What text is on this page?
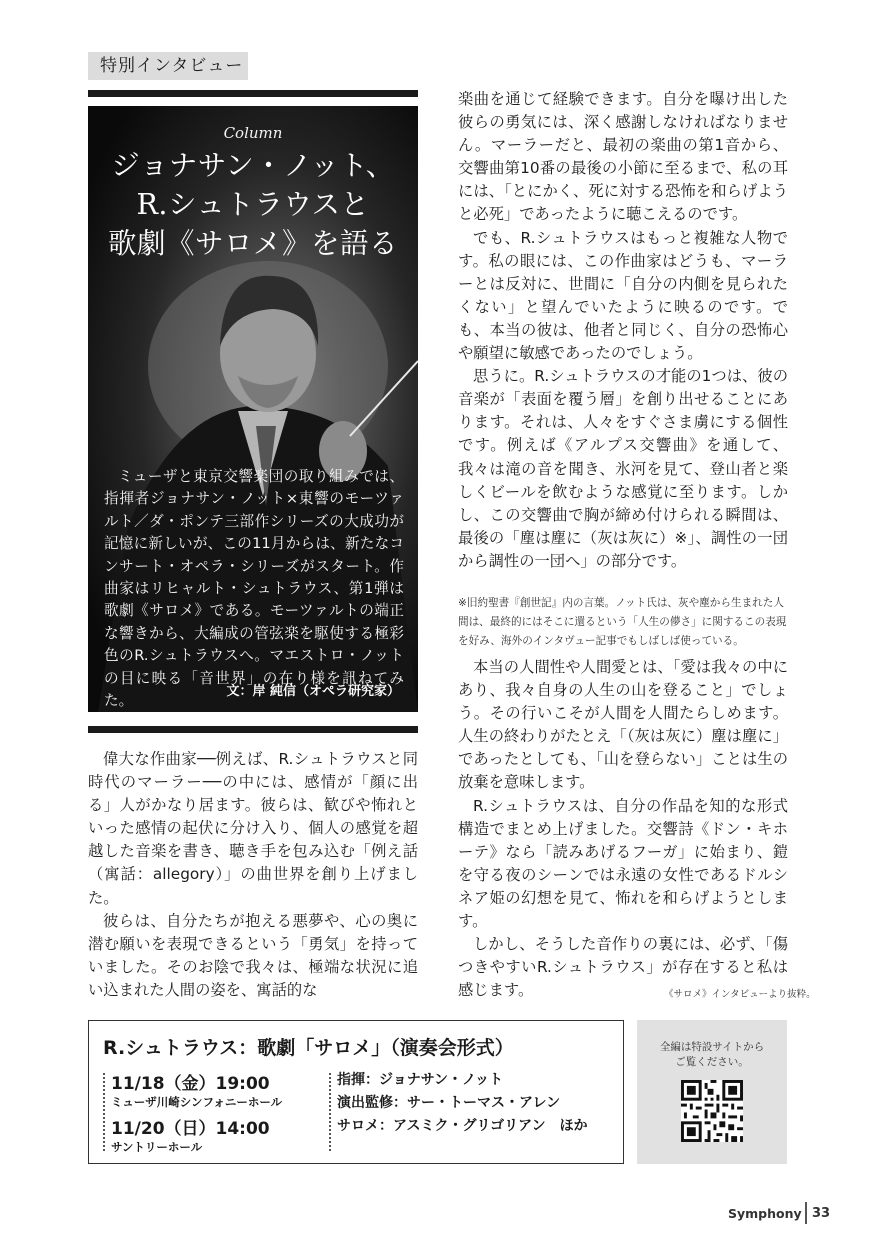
特別インタビュー
Column
ジョナサン・ノット、
R.シュトラウスと
歌劇《サロメ》を語る
ミューザと東京交響楽団の取り組みでは、指揮者ジョナサン・ノット×東響のモーツァルト／ダ・ポンテ三部作シリーズの大成功が記憶に新しいが、この11月からは、新たなコンサート・オペラ・シリーズがスタート。作曲家はリヒャルト・シュトラウス、第1弾は歌劇《サロメ》である。モーツァルトの端正な響きから、大編成の管弦楽を駆使する極彩色のR.シュトラウスへ。マエストロ・ノットの目に映る「音世界」の在り様を訊ねてみた。
文：岸 純信（オペラ研究家）

偉大な作曲家──例えば、R.シュトラウスと同時代のマーラー──の中には、感情が「顔に出る」人がかなり居ます。彼らは、歓びや怖れといった感情の起伏に分け入り、個人の感覚を超越した音楽を書き、聴き手を包み込む「例え話（寓話：allegory）」の曲世界を創り上げました。

彼らは、自分たちが抱える悪夢や、心の奥に潜む願いを表現できるという「勇気」を持っていました。そのお陰で我々は、極端な状況に追い込まれた人間の姿を、寓話的な

楽曲を通じて経験できます。自分を曝け出した彼らの勇気には、深く感謝しなければなりません。マーラーだと、最初の楽曲の第1音から、交響曲第10番の最後の小節に至るまで、私の耳には、「とにかく、死に対する恐怖を和らげようと必死」であったように聴こえるのです。

でも、R.シュトラウスはもっと複雑な人物です。私の眼には、この作曲家はどうも、マーラーとは反対に、世間に「自分の内側を見られたくない」と望んでいたように映るのです。でも、本当の彼は、他者と同じく、自分の恐怖心や願望に敏感であったのでしょう。

思うに。R.シュトラウスの才能の1つは、彼の音楽が「表面を覆う層」を創り出せることにあります。それは、人々をすぐさま虜にする個性です。例えば《アルプス交響曲》を通して、我々は滝の音を聞き、氷河を見て、登山者と楽しくビールを飲むような感覚に至ります。しかし、この交響曲で胸が締め付けられる瞬間は、最後の「塵は塵に（灰は灰に）※」、調性の一団から調性の一団へ」の部分です。

※旧約聖書『創世記』内の言葉。ノット氏は、灰や塵から生まれた人間は、最終的にはそこに還るという「人生の儚さ」に関するこの表現を好み、海外のインタヴュー記事でもしばしば使っている。

本当の人間性や人間愛とは、「愛は我々の中にあり、我々自身の人生の山を登ること」でしょう。その行いこそが人間を人間たらしめます。人生の終わりがたとえ「（灰は灰に）塵は塵に」であったとしても、「山を登らない」ことは生の放棄を意味します。

R.シュトラウスは、自分の作品を知的な形式構造でまとめ上げました。交響詩《ドン・キホーテ》なら「読みあげるフーガ」に始まり、鎧を守る夜のシーンでは永遠の女性であるドルシネア姫の幻想を見て、怖れを和らげようとします。

しかし、そうした音作りの裏には、必ず、「傷つきやすいR.シュトラウス」が存在すると私は感じます。	《サロメ》インタビューより抜粋。
R.シュトラウス：歌劇「サロメ」（演奏会形式）
11/18（金）19:00
ミューザ川崎シンフォニーホール
11/20（日）14:00
サントリーホール
指揮：ジョナサン・ノット
演出監修：サー・トーマス・アレン
サロメ：アスミク・グリゴリアン　ほか
全編は特設サイトから
ご覧ください。
Symphony 33
